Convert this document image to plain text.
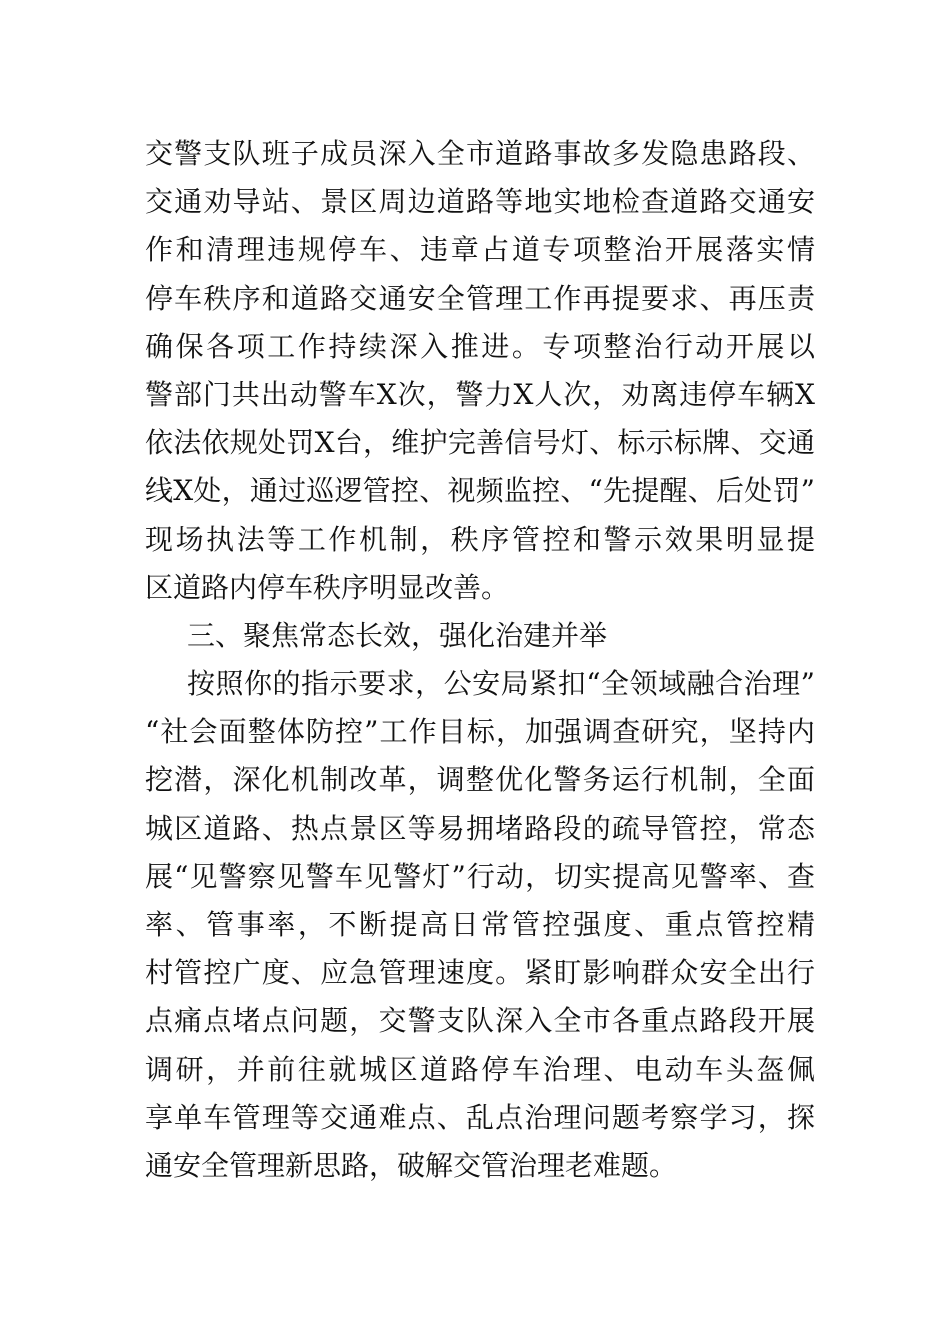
交警支队班子成员深入全市道路事故多发隐患路段、
交通劝导站、景区周边道路等地实地检查道路交通安
作和清理违规停车、违章占道专项整治开展落实情
停车秩序和道路交通安全管理工作再提要求、再压责
确保各项工作持续深入推进。专项整治行动开展以
警部门共出动警车X次，警力X人次，劝离违停车辆X
依法依规处罚X台，维护完善信号灯、标示标牌、交通
线X处，通过巡逻管控、视频监控、“先提醒、后处罚”
现场执法等工作机制，秩序管控和警示效果明显提
区道路内停车秩序明显改善。
三、聚焦常态长效，强化治建并举
按照你的指示要求，公安局紧扣“全领域融合治理”
“社会面整体防控”工作目标，加强调查研究，坚持内
挖潜，深化机制改革，调整优化警务运行机制，全面
城区道路、热点景区等易拥堵路段的疏导管控，常态
展“见警察见警车见警灯”行动，切实提高见警率、查
率、管事率，不断提高日常管控强度、重点管控精
村管控广度、应急管理速度。紧盯影响群众安全出行
点痛点堵点问题，交警支队深入全市各重点路段开展
调研，并前往就城区道路停车治理、电动车头盔佩
享单车管理等交通难点、乱点治理问题考察学习，探
通安全管理新思路，破解交管治理老难题。
